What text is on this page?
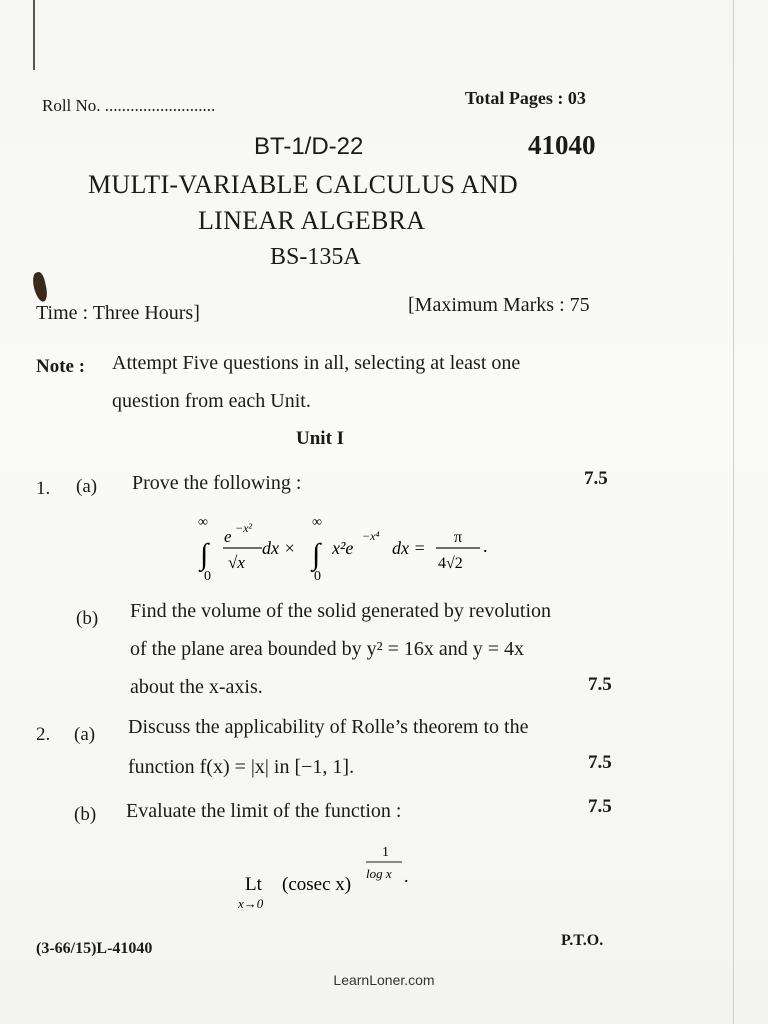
Roll No. ..........................	Total Pages : 03
BT-1/D-22	41040
MULTI-VARIABLE CALCULUS AND
LINEAR ALGEBRA
BS-135A
Time : Three Hours]	[Maximum Marks : 75
Note : Attempt Five questions in all, selecting at least one
question from each Unit.
Unit I
1. (a) Prove the following :	7.5
∞
∫
0
e −x²
√x
dx ×
∞
∫
0
x²e
−x⁴
dx =
π
4√2
.
(b) Find the volume of the solid generated by revolution
of the plane area bounded by y² = 16x and y = 4x
about the x-axis.	7.5
2. (a) Discuss the applicability of Rolle’s theorem to the
function f(x) = |x| in [−1, 1].	7.5
(b) Evaluate the limit of the function :	7.5
Lt
x→0
(cosec x)
1
log x .
(3-66/15)L-41040	P.T.O.
LearnLoner.com
